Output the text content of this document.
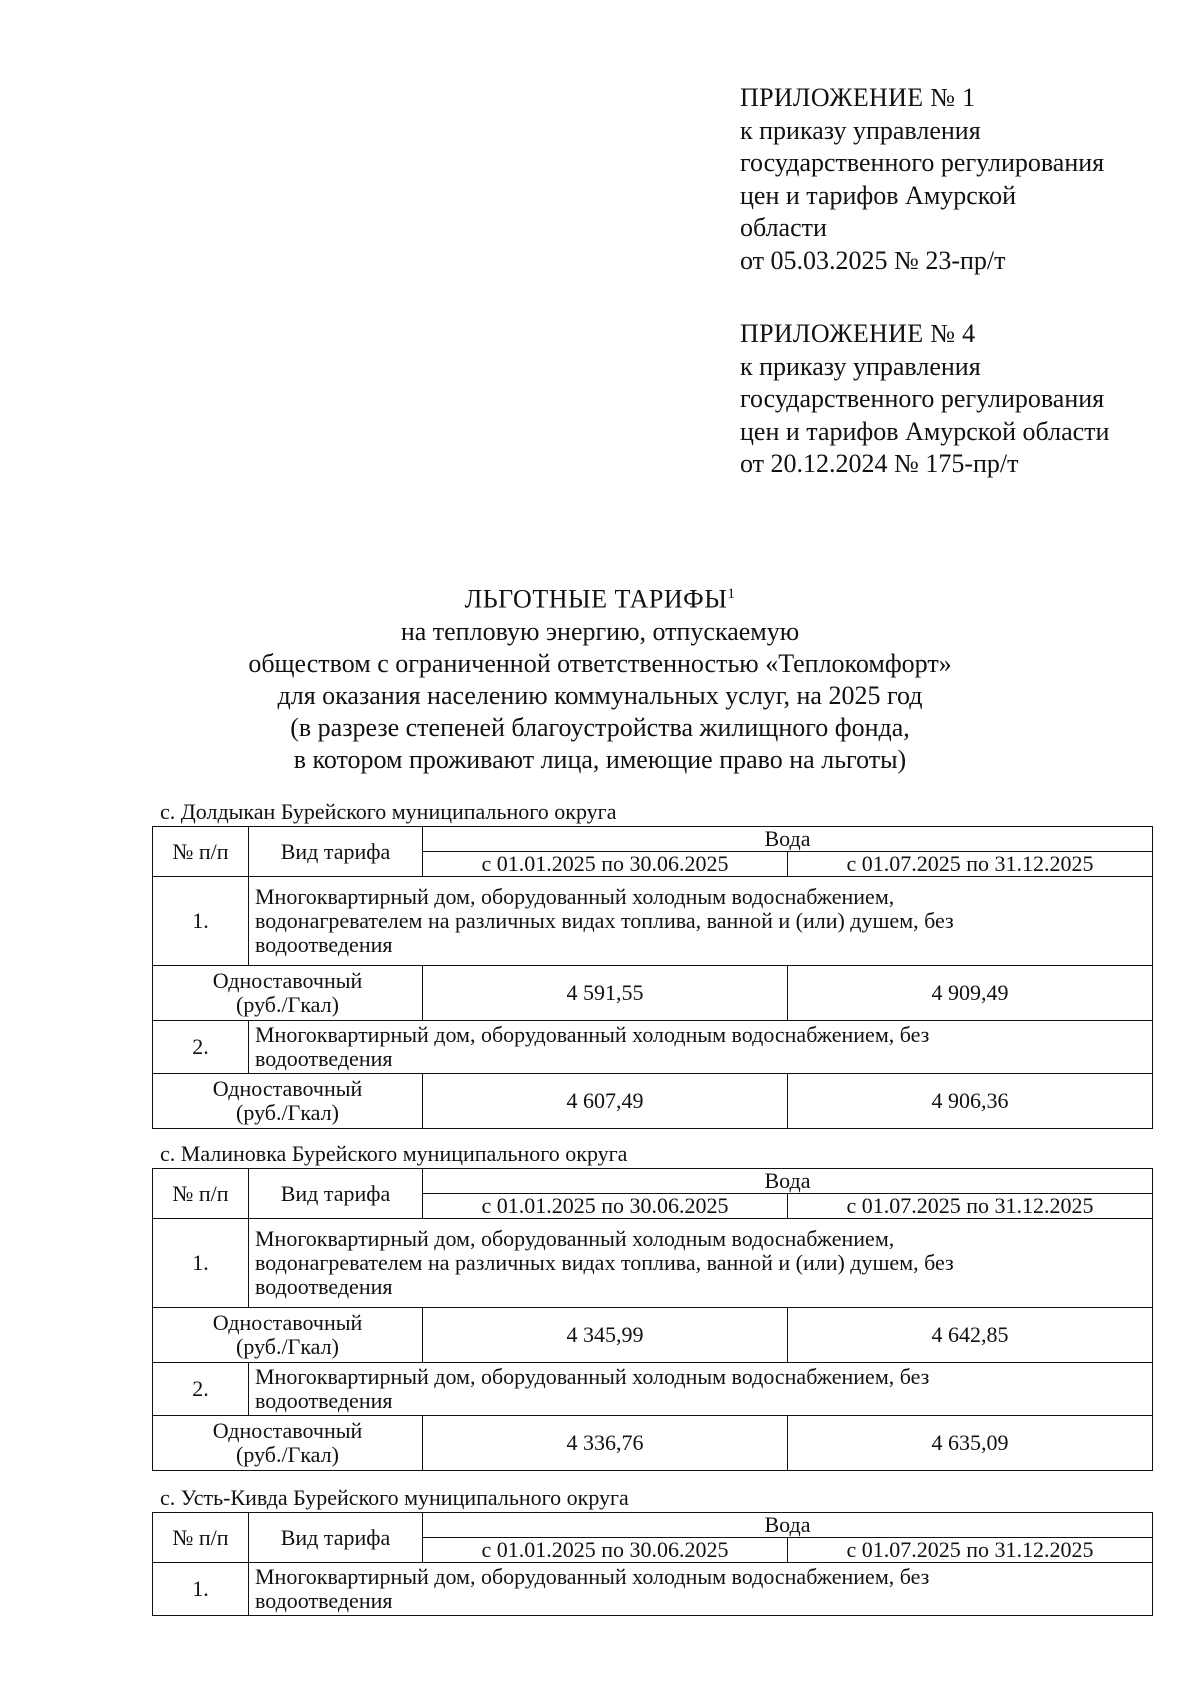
ПРИЛОЖЕНИЕ № 1
к приказу управления
государственного регулирования
цен и тарифов Амурской
области
от 05.03.2025 № 23-пр/т
ПРИЛОЖЕНИЕ № 4
к приказу управления
государственного регулирования
цен и тарифов Амурской области
от 20.12.2024 № 175-пр/т
ЛЬГОТНЫЕ ТАРИФЫ$^1$
на тепловую энергию, отпускаемую
обществом с ограниченной ответственностью «Теплокомфорт»
для оказания населению коммунальных услуг, на 2025 год
(в разрезе степеней благоустройства жилищного фонда,
в котором проживают лица, имеющие право на льготы)
с. Долдыкан Бурейского муниципального округа
№ п/п	Вид тарифа	Вода	
		с 01.01.2025 по 30.06.2025	с 01.07.2025 по 31.12.2025
1.	Многоквартирный дом, оборудованный холодным водоснабжением,
водонагревателем на различных видах топлива, ванной и (или) душем, без
водоотведения		

Одноставочный
(руб./Гкал)		4 591,55	4 909,49
2.	Многоквартирный дом, оборудованный холодным водоснабжением, без
водоотведения		

Одноставочный
(руб./Гкал)		4 607,49	4 906,36
с. Малиновка Бурейского муниципального округа
№ п/п	Вид тарифа	Вода	
		с 01.01.2025 по 30.06.2025	с 01.07.2025 по 31.12.2025
1.	Многоквартирный дом, оборудованный холодным водоснабжением,
водонагревателем на различных видах топлива, ванной и (или) душем, без
водоотведения		

Одноставочный
(руб./Гкал)		4 345,99	4 642,85
2.	Многоквартирный дом, оборудованный холодным водоснабжением, без
водоотведения		

Одноставочный
(руб./Гкал)		4 336,76	4 635,09
с. Усть-Кивда Бурейского муниципального округа
№ п/п	Вид тарифа	Вода	
		с 01.01.2025 по 30.06.2025	с 01.07.2025 по 31.12.2025
1.	Многоквартирный дом, оборудованный холодным водоснабжением, без
водоотведения		
